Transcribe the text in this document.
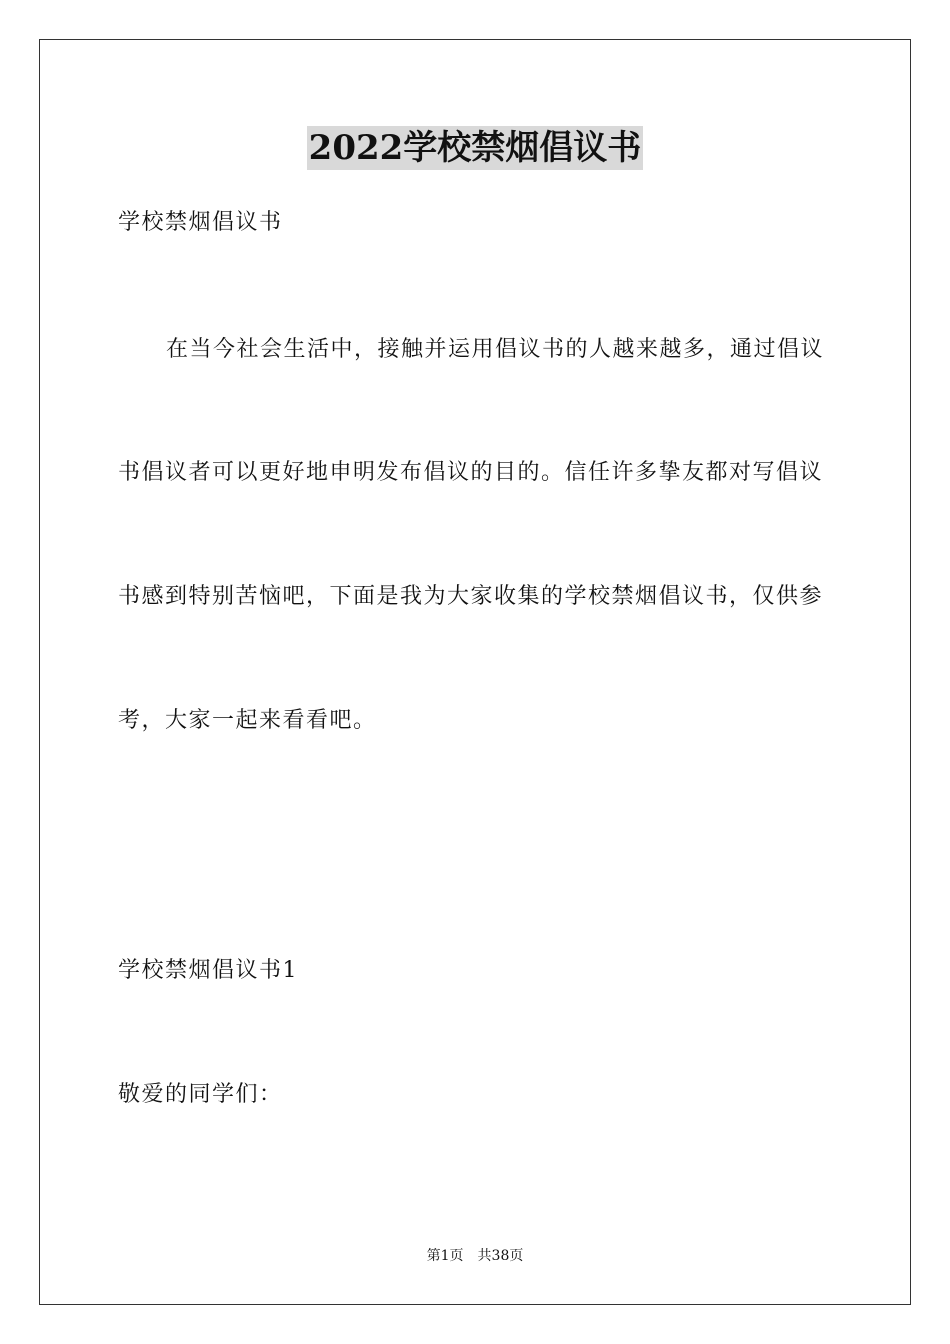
2022学校禁烟倡议书
学校禁烟倡议书
在当今社会生活中，接触并运用倡议书的人越来越多，通过倡议
书倡议者可以更好地申明发布倡议的目的。信任许多挚友都对写倡议
书感到特别苦恼吧，下面是我为大家收集的学校禁烟倡议书，仅供参
考，大家一起来看看吧。
学校禁烟倡议书1
敬爱的同学们：
第1页 共38页
